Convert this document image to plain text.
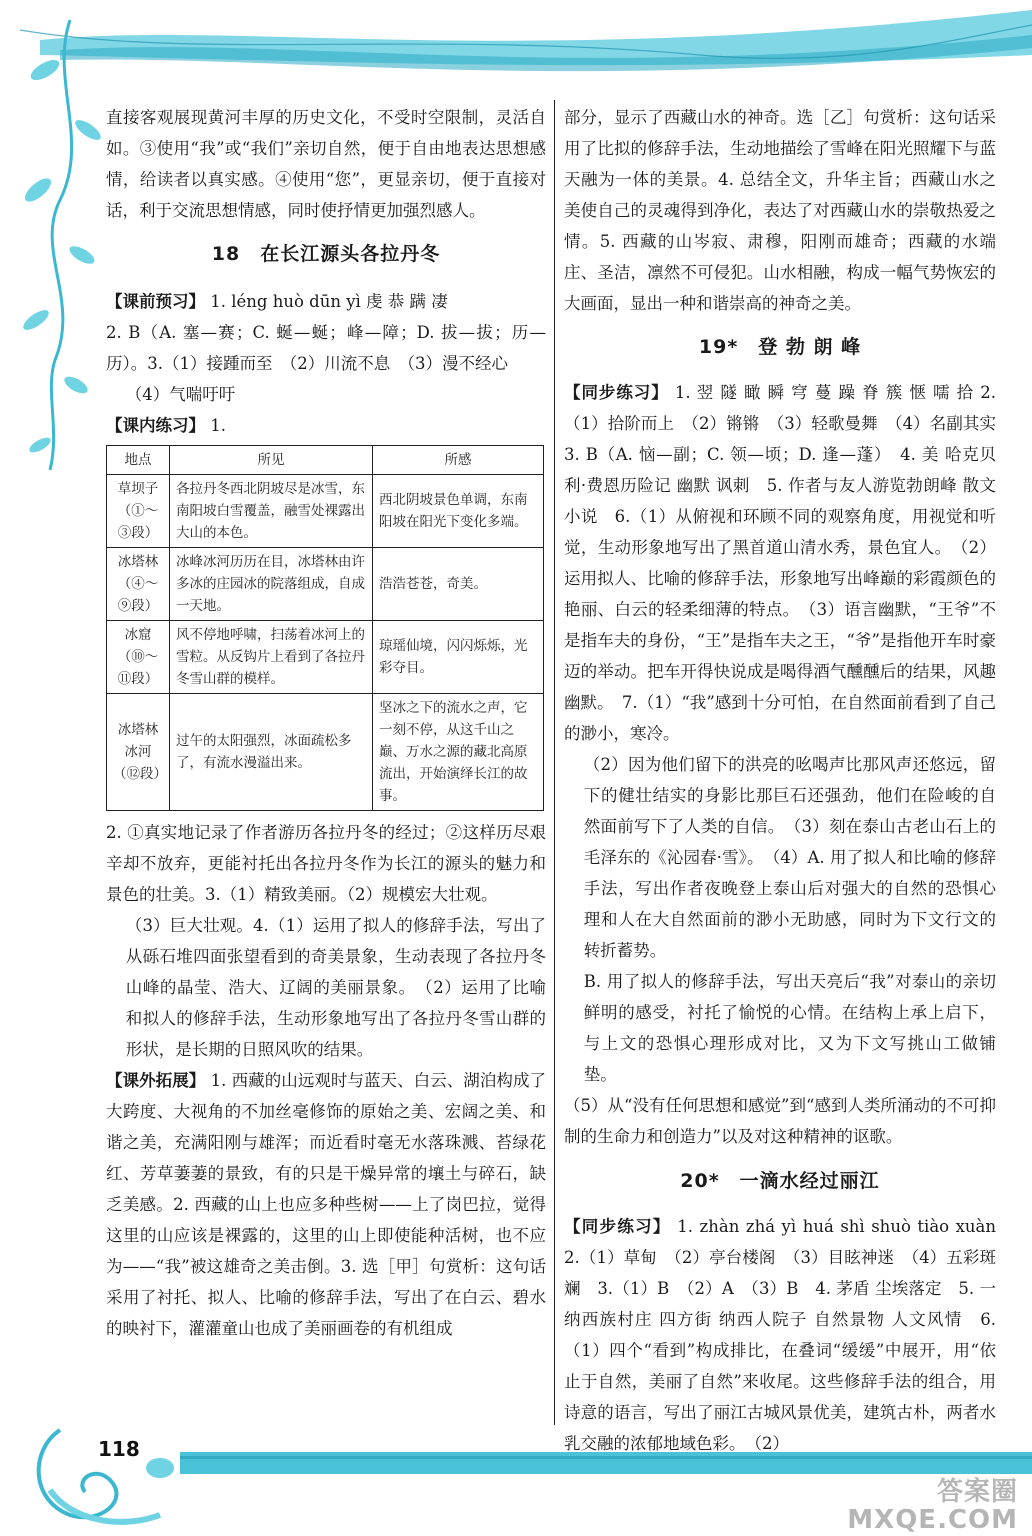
118
答案圈
MXQE.COM

直接客观展现黄河丰厚的历史文化，不受时空限制，灵活自如。③使用“我”或“我们”亲切自然，便于自由地表达思想感情，给读者以真实感。④使用“您”，更显亲切，便于直接对话，利于交流思想情感，同时使抒情更加强烈感人。

18　在长江源头各拉丹冬

【课前预习】 1. léng huò dūn yì 虔 恭 蹒 凄

2. B（A. 塞—赛；C. 蜒—蜒；峰—障；D. 拔—拔；历—历）。3.（1）接踵而至　（2）川流不息　（3）漫不经心

（4）气喘吁吁

【课内练习】 1.

地点	所见	所感
草坝子（①～③段）	各拉丹冬西北阴坡尽是冰雪，东南阳坡白雪覆盖，融雪处裸露出大山的本色。	西北阴坡景色单调，东南阳坡在阳光下变化多端。
冰塔林（④～⑨段）	冰峰冰河历历在目，冰塔林由许多冰的庄园冰的院落组成，自成一天地。	浩浩苍苍，奇美。
冰窟（⑩～⑪段）	风不停地呼啸，扫荡着冰河上的雪粒。从反钩片上看到了各拉丹冬雪山群的模样。	琼瑶仙境，闪闪烁烁，光彩夺目。
冰塔林冰河（⑫段）	过午的太阳强烈，冰面疏松多了，有流水漫溢出来。	坚冰之下的流水之声，它一刻不停，从这千山之巅、万水之源的藏北高原流出，开始演绎长江的故事。

2. ①真实地记录了作者游历各拉丹冬的经过；②这样历尽艰辛却不放弃，更能衬托出各拉丹冬作为长江的源头的魅力和景色的壮美。3.（1）精致美丽。（2）规模宏大壮观。

（3）巨大壮观。4.（1）运用了拟人的修辞手法，写出了从砾石堆四面张望看到的奇美景象，生动表现了各拉丹冬山峰的晶莹、浩大、辽阔的美丽景象。　（2）运用了比喻和拟人的修辞手法，生动形象地写出了各拉丹冬雪山群的形状，是长期的日照风吹的结果。

【课外拓展】 1. 西藏的山远观时与蓝天、白云、湖泊构成了大跨度、大视角的不加丝毫修饰的原始之美、宏阔之美、和谐之美，充满阳刚与雄浑；而近看时毫无水落珠溅、苔绿花红、芳草萋萋的景致，有的只是干燥异常的壤土与碎石，缺乏美感。2. 西藏的山上也应多种些树——上了岗巴拉，觉得这里的山应该是裸露的，这里的山上即使能种活树，也不应为——“我”被这雄奇之美击倒。3. 选［甲］句赏析：这句话采用了衬托、拟人、比喻的修辞手法，写出了在白云、碧水的映衬下，灌灌童山也成了美丽画卷的有机组成

部分，显示了西藏山水的神奇。选［乙］句赏析：这句话采用了比拟的修辞手法，生动地描绘了雪峰在阳光照耀下与蓝天融为一体的美景。4. 总结全文，升华主旨；西藏山水之美使自己的灵魂得到净化，表达了对西藏山水的崇敬热爱之情。5. 西藏的山岑寂、肃穆，阳刚而雄奇；西藏的水端庄、圣洁，凛然不可侵犯。山水相融，构成一幅气势恢宏的大画面，显出一种和谐崇高的神奇之美。

19*　登 勃 朗 峰

【同步练习】 1. 翌 隧 瞰 瞬 穹 蔓 躁 脊 簇 惬 嚅 拾 2.（1）拾阶而上　（2）锵锵　（3）轻歌曼舞　（4）名副其实　3. B（A. 恼—副；C. 领—顷；D. 逢—蓬）　4. 美 哈克贝利·费恩历险记 幽默 讽刺　5. 作者与友人游览勃朗峰 散文 小说　6.（1）从俯视和环顾不同的观察角度，用视觉和听觉，生动形象地写出了黑首道山清水秀，景色宜人。　（2）运用拟人、比喻的修辞手法，形象地写出峰巅的彩霞颜色的艳丽、白云的轻柔细薄的特点。　（3）语言幽默，“王爷”不是指车夫的身份，“王”是指车夫之王，“爷”是指他开车时豪迈的举动。把车开得快说成是喝得酒气醺醺后的结果，风趣幽默。　7.（1）“我”感到十分可怕，在自然面前看到了自己的渺小，寒冷。

（2）因为他们留下的洪亮的吆喝声比那风声还悠远，留下的健壮结实的身影比那巨石还强劲，他们在险峻的自然面前写下了人类的自信。　（3）刻在泰山古老山石上的毛泽东的《沁园春·雪》。　（4）A. 用了拟人和比喻的修辞手法，写出作者夜晚登上泰山后对强大的自然的恐惧心理和人在大自然面前的渺小无助感，同时为下文行文的转折蓄势。

B. 用了拟人的修辞手法，写出天亮后“我”对泰山的亲切鲜明的感受，衬托了愉悦的心情。在结构上承上启下，与上文的恐惧心理形成对比，又为下文写挑山工做铺垫。

（5）从“没有任何思想和感觉”到“感到人类所涌动的不可抑制的生命力和创造力”以及对这种精神的讴歌。

20*　一滴水经过丽江

【同步练习】 1. zhàn zhá yì huá shì shuò tiào xuàn　2.（1）草甸　（2）亭台楼阁　（3）目眩神迷　（4）五彩斑斓　3.（1）B　（2）A　（3）B　4. 茅盾 尘埃落定　5. 一 纳西族村庄 四方街 纳西人院子 自然景物 人文风情　6.（1）四个“看到”构成排比，在叠词“缓缓”中展开，用“依止于自然，美丽了自然”来收尾。这些修辞手法的组合，用诗意的语言，写出了丽江古城风景优美，建筑古朴，两者水乳交融的浓郁地域色彩。　（2）
